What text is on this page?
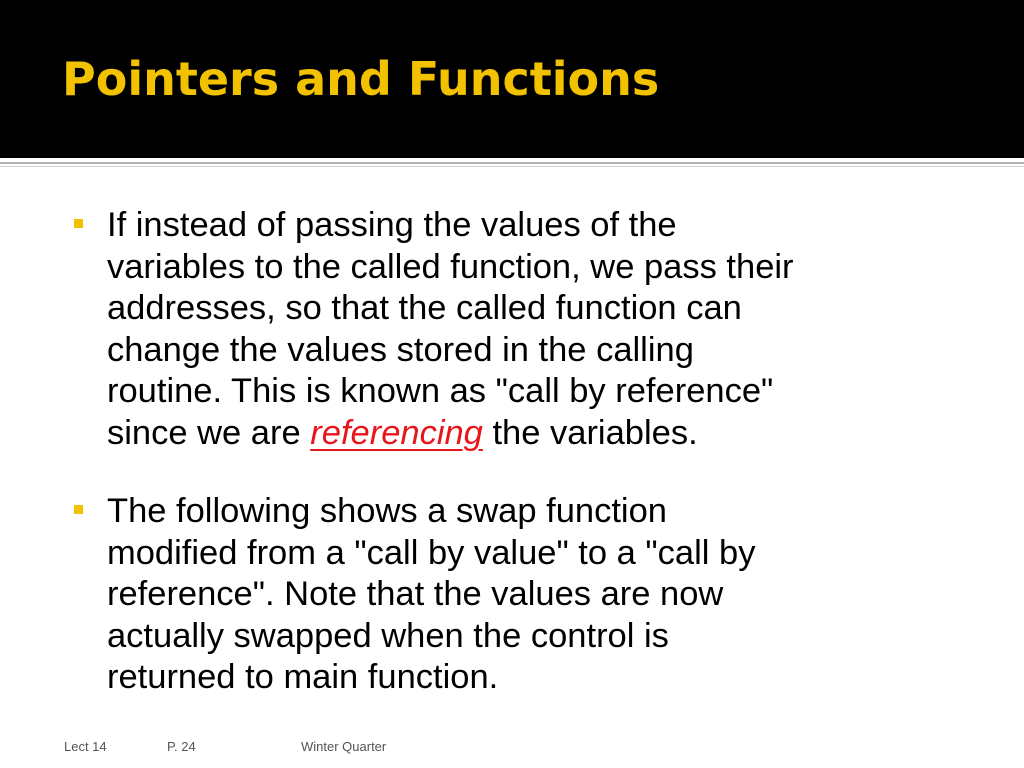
Pointers and Functions
If instead of passing the values of the
variables to the called function, we pass their
addresses, so that the called function can
change the values stored in the calling
routine. This is known as "call by reference"
since we are referencing the variables.
The following shows a swap function
modified from a "call by value" to a "call by
reference". Note that the values are now
actually swapped when the control is
returned to main function.
Lect 14	P. 24	Winter Quarter
